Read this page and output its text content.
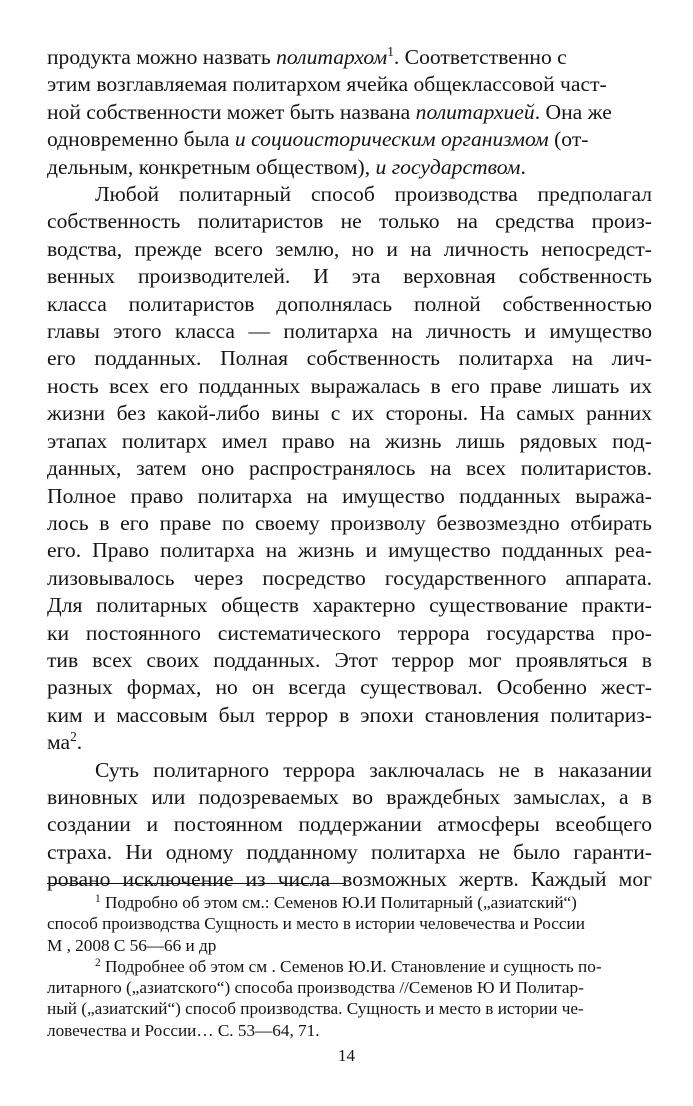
продукта можно назвать политархом$^1$. Соответственно с
этим возглавляемая политархом ячейка общеклассовой част-
ной собственности может быть названа политархией. Она же
одновременно была и социоисторическим организмом (от-
дельным, конкретным обществом), и государством.

Любой политарный способ производства предполагал
собственность политаристов не только на средства произ-
водства, прежде всего землю, но и на личность непосредст-
венных производителей. И эта верховная собственность
класса политаристов дополнялась полной собственностью
главы этого класса — политарха на личность и имущество
его подданных. Полная собственность политарха на лич-
ность всех его подданных выражалась в его праве лишать их
жизни без какой-либо вины с их стороны. На самых ранних
этапах политарх имел право на жизнь лишь рядовых под-
данных, затем оно распространялось на всех политаристов.
Полное право политарха на имущество подданных выража-
лось в его праве по своему произволу безвозмездно отбирать
его. Право политарха на жизнь и имущество подданных реа-
лизовывалось через посредство государственного аппарата.
Для политарных обществ характерно существование практи-
ки постоянного систематического террора государства про-
тив всех своих подданных. Этот террор мог проявляться в
разных формах, но он всегда существовал. Особенно жест-
ким и массовым был террор в эпохи становления политариз-
$ма^2$.

Суть политарного террора заключалась не в наказании
виновных или подозреваемых во враждебных замыслах, а в
создании и постоянном поддержании атмосферы всеобщего
страха. Ни одному подданному политарха не было гаранти-
ровано исключение из числа возможных жертв. Каждый мог

$^1$ Подробно об этом см.: Семенов Ю.И Политарный („азиатский“)
способ производства Сущность и место в истории человечества и России
М , 2008 С 56—66 и др

$^2$ Подробнее об этом см . Семенов Ю.И. Становление и сущность по-
литарного („азиатского“) способа производства //Семенов Ю И Политар-
ный („азиатский“) способ производства. Сущность и место в истории че-
ловечества и России… С. 53—64, 71.

14
